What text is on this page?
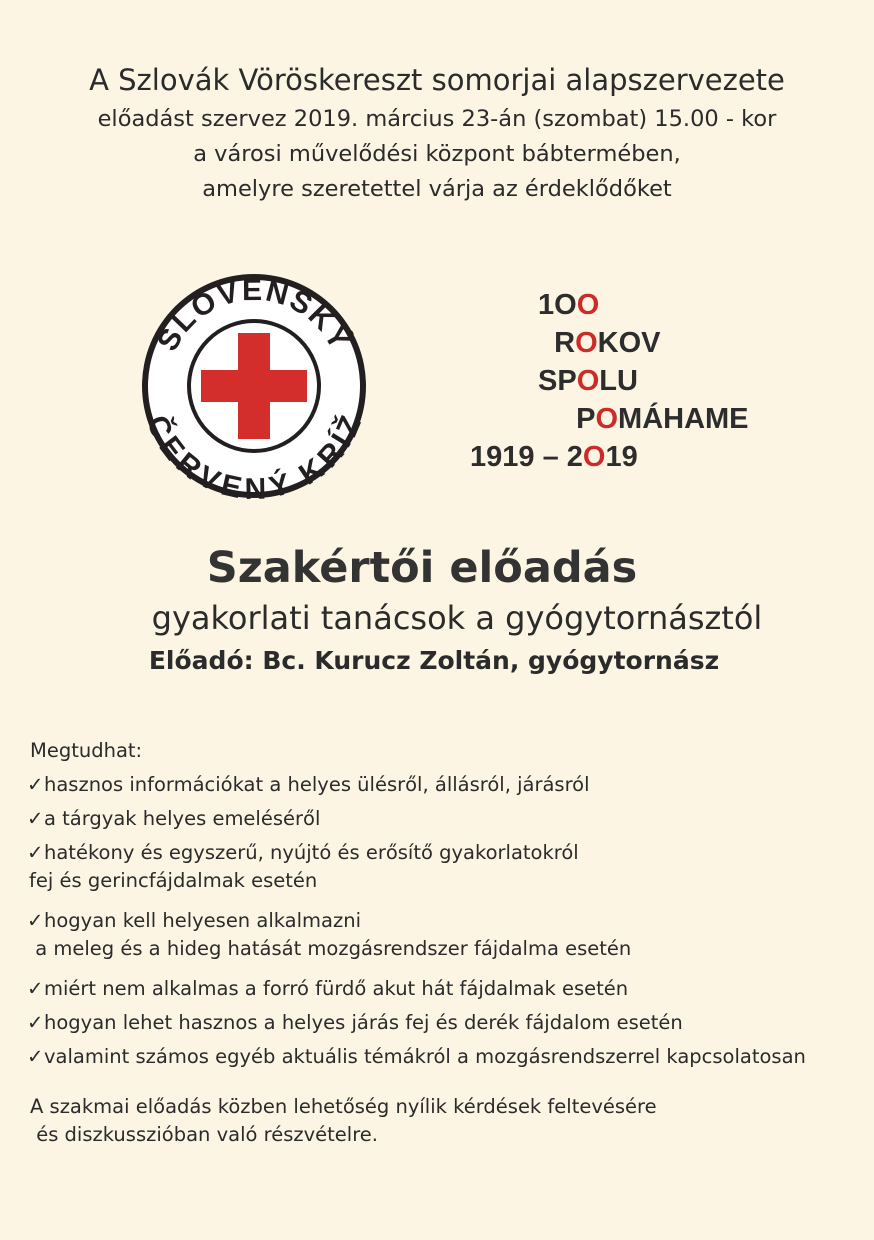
A Szlovák Vöröskereszt somorjai alapszervezete
előadást szervez 2019. március 23-án (szombat) 15.00 - kor
a városi művelődési központ bábtermében,
amelyre szeretettel várja az érdeklődőket
SLOVENSKÝ
ČERVENÝ KRÍŽ
1OO
ROKOV
SPOLU
POMÁHAME
1919 – 2O19
Szakértői előadás
gyakorlati tanácsok a gyógytornásztól
Előadó: Bc. Kurucz Zoltán, gyógytornász
Megtudhat:
✓hasznos információkat a helyes ülésről, állásról, járásról
✓a tárgyak helyes emeléséről
✓hatékony és egyszerű, nyújtó és erősítő gyakorlatokról
fej és gerincfájdalmak esetén
✓hogyan kell helyesen alkalmazni
a meleg és a hideg hatását mozgásrendszer fájdalma esetén
✓miért nem alkalmas a forró fürdő akut hát fájdalmak esetén
✓hogyan lehet hasznos a helyes járás fej és derék fájdalom esetén
✓valamint számos egyéb aktuális témákról a mozgásrendszerrel kapcsolatosan
A szakmai előadás közben lehetőség nyílik kérdések feltevésére
és diszkusszióban való részvételre.
